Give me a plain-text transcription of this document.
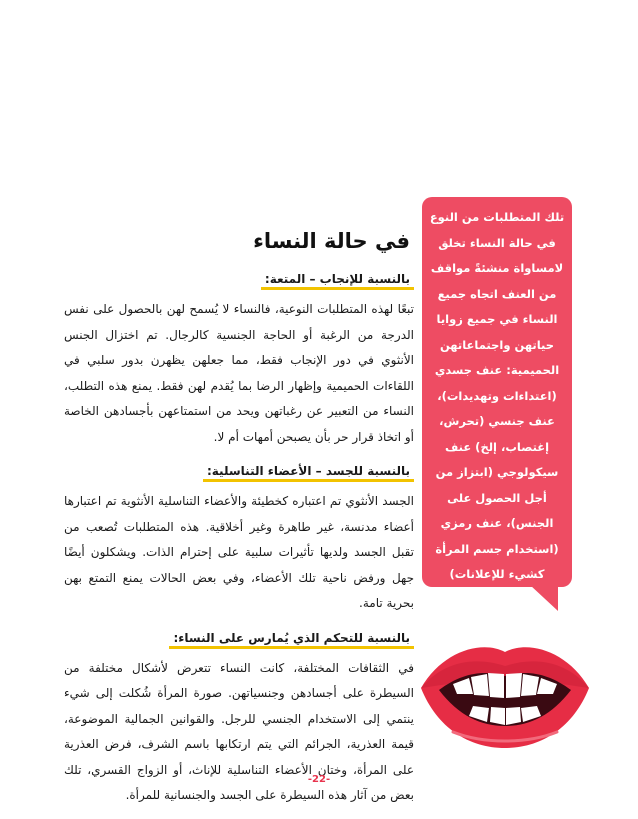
في حالة النساء
بالنسبة للإنجاب – المتعة:

تبعًا لهذه المتطلبات النوعية، فالنساء لا يُسمح لهن بالحصول على نفس الدرجة من الرغبة أو الحاجة الجنسية كالرجال. تم اختزال الجنس الأنثوي في دور الإنجاب فقط، مما جعلهن يظهرن بدور سلبي في اللقاءات الحميمية وإظهار الرضا بما يُقدم لهن فقط. يمنع هذه التطلب، النساء من التعبير عن رغباتهن ويحد من استمتاعهن بأجسادهن الخاصة أو اتخاذ قرار حر بأن يصبحن أمهات أم لا.

بالنسبة للجسد – الأعضاء التناسلية:

الجسد الأنثوي تم اعتباره كخطيئة والأعضاء التناسلية الأنثوية تم اعتبارها أعضاء مدنسة، غير طاهرة وغير أخلاقية. هذه المتطلبات تُصعب من تقبل الجسد ولديها تأثيرات سلبية على إحترام الذات. ويشكلون أيضًا جهل ورفض ناحية تلك الأعضاء، وفي بعض الحالات يمنع التمتع بهن بحرية تامة.

بالنسبة للتحكم الذي يُمارس على النساء:

في الثقافات المختلفة، كانت النساء تتعرض لأشكال مختلفة من السيطرة على أجسادهن وجنسياتهن. صورة المرأة شُكلت إلى شيء ينتمي إلى الاستخدام الجنسي للرجل. والقوانين الجمالية الموضوعة، قيمة العذرية، الجرائم التي يتم ارتكابها باسم الشرف، فرض العذرية على المرأة، وختان الأعضاء التناسلية للإناث، أو الزواج القسري، تلك بعض من آثار هذه السيطرة على الجسد والجنسانية للمرأة.

تلك المتطلبات من النوع في حالة النساء تخلق لامساواة منشئةً مواقف من العنف اتجاه جميع النساء في جميع زوايا حياتهن واجتماعاتهن الحميمية: عنف جسدي (اعتداءات وتهديدات)، عنف جنسي (تحرش، إغتصاب، إلخ) عنف سيكولوجي (ابتزاز من أجل الحصول على الجنس)، عنف رمزي (استخدام جسم المرأة كشيء للإعلانات)

-22-
